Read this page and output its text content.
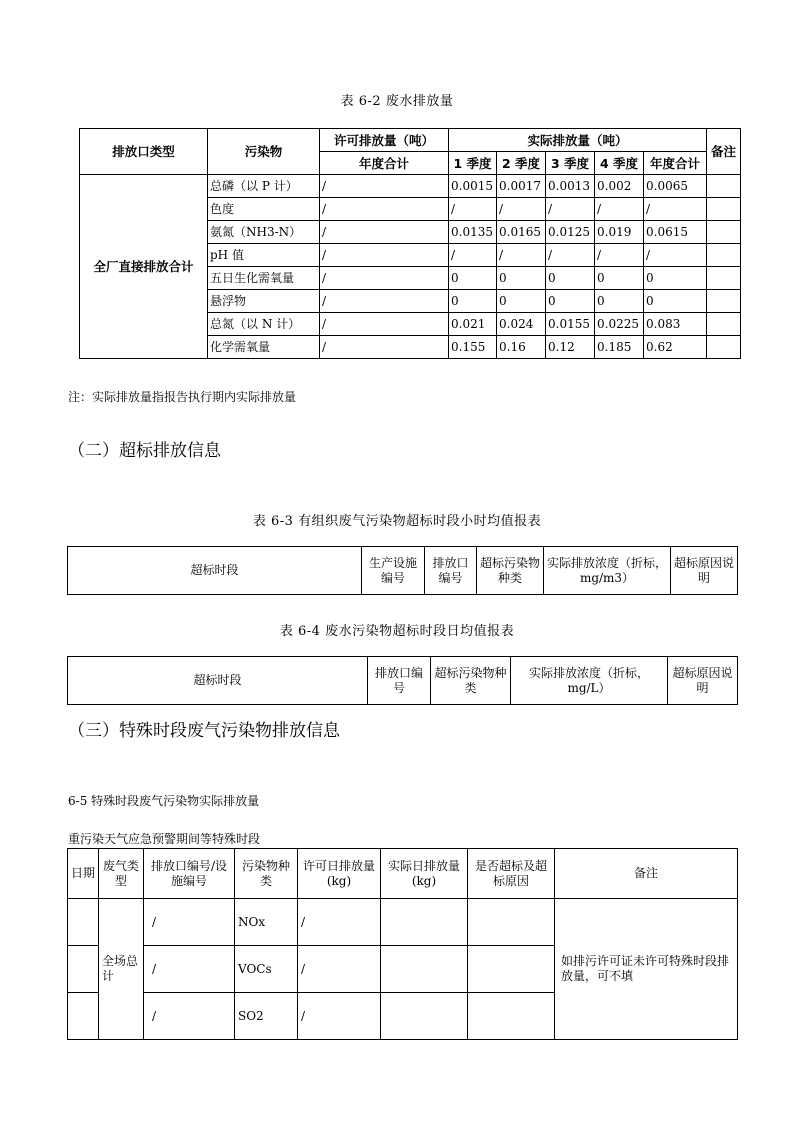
表 6-2 废水排放量
排放口类型	污染物	许可排放量（吨）	实际排放量（吨）					备注
		年度合计	1 季度	2 季度	3 季度	4 季度	年度合计	
全厂直接排放合计	总磷（以 P 计）	/	0.0015	0.0017	0.0013	0.002	0.0065	
	色度	/	/	/	/	/	/	
	氨氮（NH3-N）	/	0.0135	0.0165	0.0125	0.019	0.0615	
	pH 值	/	/	/	/	/	/	
	五日生化需氧量	/	0	0	0	0	0	
	悬浮物	/	0	0	0	0	0	
	总氮（以 N 计）	/	0.021	0.024	0.0155	0.0225	0.083	
	化学需氧量	/	0.155	0.16	0.12	0.185	0.62	
注：实际排放量指报告执行期内实际排放量
（二）超标排放信息
表 6-3 有组织废气污染物超标时段小时均值报表
超标时段	生产设施编号	排放口编号	超标污染物种类	实际排放浓度（折标，mg/m3）	超标原因说明
表 6-4 废水污染物超标时段日均值报表
超标时段	排放口编号	超标污染物种类	实际排放浓度（折标，mg/L）	超标原因说明
（三）特殊时段废气污染物排放信息
6-5 特殊时段废气污染物实际排放量
重污染天气应急预警期间等特殊时段
日期	废气类型	排放口编号/设施编号	污染物种类	许可日排放量(kg)	实际日排放量(kg)	是否超标及超标原因	备注
	全场总计	/	NOx	/			如排污许可证未许可特殊时段排放量，可不填
		/	VOCs	/			
		/	SO2	/			
